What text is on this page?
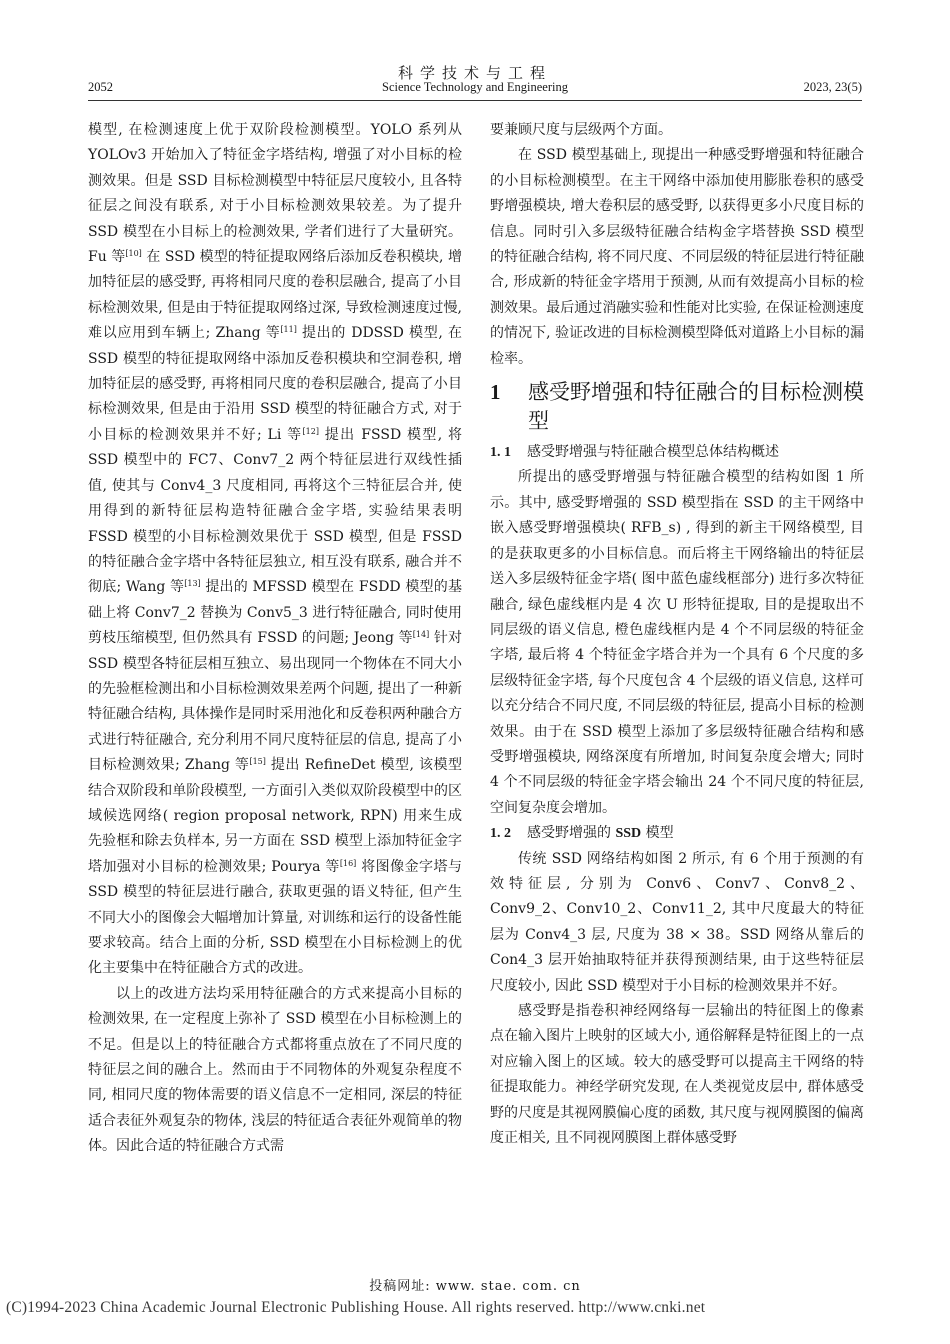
科学技术与工程
2052	Science Technology and Engineering	2023, 23(5)

模型, 在检测速度上优于双阶段检测模型。YOLO 系列从 YOLOv3 开始加入了特征金字塔结构, 增强了对小目标的检测效果。但是 SSD 目标检测模型中特征层尺度较小, 且各特征层之间没有联系, 对于小目标检测效果较差。为了提升 SSD 模型在小目标上的检测效果, 学者们进行了大量研究。Fu 等[10] 在 SSD 模型的特征提取网络后添加反卷积模块, 增加特征层的感受野, 再将相同尺度的卷积层融合, 提高了小目标检测效果, 但是由于特征提取网络过深, 导致检测速度过慢, 难以应用到车辆上; Zhang 等[11] 提出的 DDSSD 模型, 在 SSD 模型的特征提取网络中添加反卷积模块和空洞卷积, 增加特征层的感受野, 再将相同尺度的卷积层融合, 提高了小目标检测效果, 但是由于沿用 SSD 模型的特征融合方式, 对于小目标的检测效果并不好; Li 等[12] 提出 FSSD 模型, 将 SSD 模型中的 FC7、Conv7_2 两个特征层进行双线性插值, 使其与 Conv4_3 尺度相同, 再将这个三特征层合并, 使用得到的新特征层构造特征融合金字塔, 实验结果表明 FSSD 模型的小目标检测效果优于 SSD 模型, 但是 FSSD 的特征融合金字塔中各特征层独立, 相互没有联系, 融合并不彻底; Wang 等[13] 提出的 MFSSD 模型在 FSDD 模型的基础上将 Conv7_2 替换为 Conv5_3 进行特征融合, 同时使用剪枝压缩模型, 但仍然具有 FSSD 的问题; Jeong 等[14] 针对 SSD 模型各特征层相互独立、易出现同一个物体在不同大小的先验框检测出和小目标检测效果差两个问题, 提出了一种新特征融合结构, 具体操作是同时采用池化和反卷积两种融合方式进行特征融合, 充分利用不同尺度特征层的信息, 提高了小目标检测效果; Zhang 等[15] 提出 RefineDet 模型, 该模型结合双阶段和单阶段模型, 一方面引入类似双阶段模型中的区域候选网络( region proposal network, RPN) 用来生成先验框和除去负样本, 另一方面在 SSD 模型上添加特征金字塔加强对小目标的检测效果; Pourya 等[16] 将图像金字塔与 SSD 模型的特征层进行融合, 获取更强的语义特征, 但产生不同大小的图像会大幅增加计算量, 对训练和运行的设备性能要求较高。结合上面的分析, SSD 模型在小目标检测上的优化主要集中在特征融合方式的改进。

以上的改进方法均采用特征融合的方式来提高小目标的检测效果, 在一定程度上弥补了 SSD 模型在小目标检测上的不足。但是以上的特征融合方式都将重点放在了不同尺度的特征层之间的融合上。然而由于不同物体的外观复杂程度不同, 相同尺度的物体需要的语义信息不一定相同, 深层的特征适合表征外观复杂的物体, 浅层的特征适合表征外观简单的物体。因此合适的特征融合方式需

要兼顾尺度与层级两个方面。

在 SSD 模型基础上, 现提出一种感受野增强和特征融合的小目标检测模型。在主干网络中添加使用膨胀卷积的感受野增强模块, 增大卷积层的感受野, 以获得更多小尺度目标的信息。同时引入多层级特征融合结构金字塔替换 SSD 模型的特征融合结构, 将不同尺度、不同层级的特征层进行特征融合, 形成新的特征金字塔用于预测, 从而有效提高小目标的检测效果。最后通过消融实验和性能对比实验, 在保证检测速度的情况下, 验证改进的目标检测模型降低对道路上小目标的漏检率。

1 感受野增强和特征融合的目标检测模型
1. 1 感受野增强与特征融合模型总体结构概述

所提出的感受野增强与特征融合模型的结构如图 1 所示。其中, 感受野增强的 SSD 模型指在 SSD 的主干网络中嵌入感受野增强模块( RFB_s) , 得到的新主干网络模型, 目的是获取更多的小目标信息。而后将主干网络输出的特征层送入多层级特征金字塔( 图中蓝色虚线框部分) 进行多次特征融合, 绿色虚线框内是 4 次 U 形特征提取, 目的是提取出不同层级的语义信息, 橙色虚线框内是 4 个不同层级的特征金字塔, 最后将 4 个特征金字塔合并为一个具有 6 个尺度的多层级特征金字塔, 每个尺度包含 4 个层级的语义信息, 这样可以充分结合不同尺度, 不同层级的特征层, 提高小目标的检测效果。由于在 SSD 模型上添加了多层级特征融合结构和感受野增强模块, 网络深度有所增加, 时间复杂度会增大; 同时 4 个不同层级的特征金字塔会输出 24 个不同尺度的特征层, 空间复杂度会增加。

1. 2 感受野增强的 SSD 模型

传统 SSD 网络结构如图 2 所示, 有 6 个用于预测的有效特征层, 分别为 Conv6、Conv7、Conv8_2、Conv9_2、Conv10_2、Conv11_2, 其中尺度最大的特征层为 Conv4_3 层, 尺度为 38 × 38。SSD 网络从靠后的 Con4_3 层开始抽取特征并获得预测结果, 由于这些特征层尺度较小, 因此 SSD 模型对于小目标的检测效果并不好。

感受野是指卷积神经网络每一层输出的特征图上的像素点在输入图片上映射的区域大小, 通俗解释是特征图上的一点对应输入图上的区域。较大的感受野可以提高主干网络的特征提取能力。神经学研究发现, 在人类视觉皮层中, 群体感受野的尺度是其视网膜偏心度的函数, 其尺度与视网膜图的偏离度正相关, 且不同视网膜图上群体感受野

投稿网址: www. stae. com. cn
(C)1994-2023 China Academic Journal Electronic Publishing House. All rights reserved. http://www.cnki.net
